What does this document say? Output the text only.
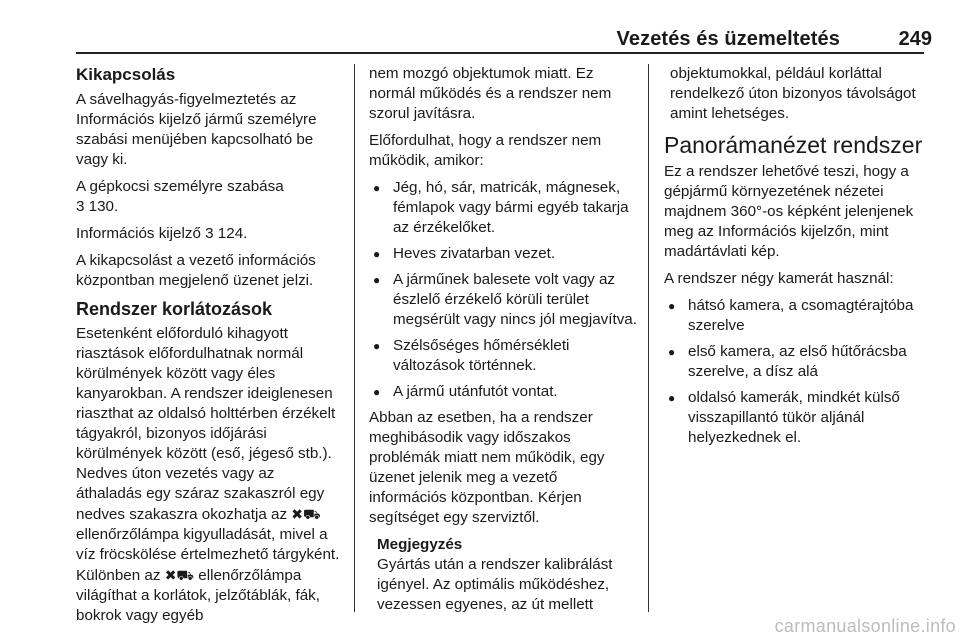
Vezetés és üzemeltetés	249
Kikapcsolás

A sávelhagyás-figyelmeztetés az Információs kijelző jármű személyre szabási menüjében kapcsolható be vagy ki.

A gépkocsi személyre szabása
3 130.

Információs kijelző 3 124.

A kikapcsolást a vezető információs központban megjelenő üzenet jelzi.

Rendszer korlátozások

Esetenként előforduló kihagyott riasztások előfordulhatnak normál körülmények között vagy éles kanyarokban. A rendszer ideiglenesen riaszthat az oldalsó holttérben érzékelt tágyakról, bizonyos időjárási körülmények között (eső, jégeső stb.). Nedves úton vezetés vagy az áthaladás egy száraz szakaszról egy nedves szakaszra okozhatja az ✖⛟ ellenőrzőlámpa kigyulladását, mivel a víz fröcskölése értelmezhető tárgyként. Különben az ✖⛟ ellenőrzőlámpa világíthat a korlátok, jelzőtáblák, fák, bokrok vagy egyéb

nem mozgó objektumok miatt. Ez normál működés és a rendszer nem szorul javításra.

Előfordulhat, hogy a rendszer nem működik, amikor:

● Jég, hó, sár, matricák, mágnesek, fémlapok vagy bármi egyéb takarja az érzékelőket.
● Heves zivatarban vezet.
● A járműnek balesete volt vagy az észlelő érzékelő körüli terület megsérült vagy nincs jól megjavítva.
● Szélsőséges hőmérsékleti változások történnek.
● A jármű utánfutót vontat.

Abban az esetben, ha a rendszer meghibásodik vagy időszakos problémák miatt nem működik, egy üzenet jelenik meg a vezető információs központban. Kérjen segítséget egy szerviztől.

Megjegyzés

Gyártás után a rendszer kalibrálást igényel. Az optimális működéshez, vezessen egyenes, az út mellett

objektumokkal, például korláttal rendelkező úton bizonyos távolságot amint lehetséges.

Panorámanézet rendszer

Ez a rendszer lehetővé teszi, hogy a gépjármű környezetének nézetei majdnem 360°-os képként jelenjenek meg az Információs kijelzőn, mint madártávlati kép.

A rendszer négy kamerát használ:

● hátsó kamera, a csomagtérajtóba szerelve
● első kamera, az első hűtőrácsba szerelve, a dísz alá
● oldalsó kamerák, mindkét külső visszapillantó tükör aljánál helyezkednek el.
carmanualsonline.info
